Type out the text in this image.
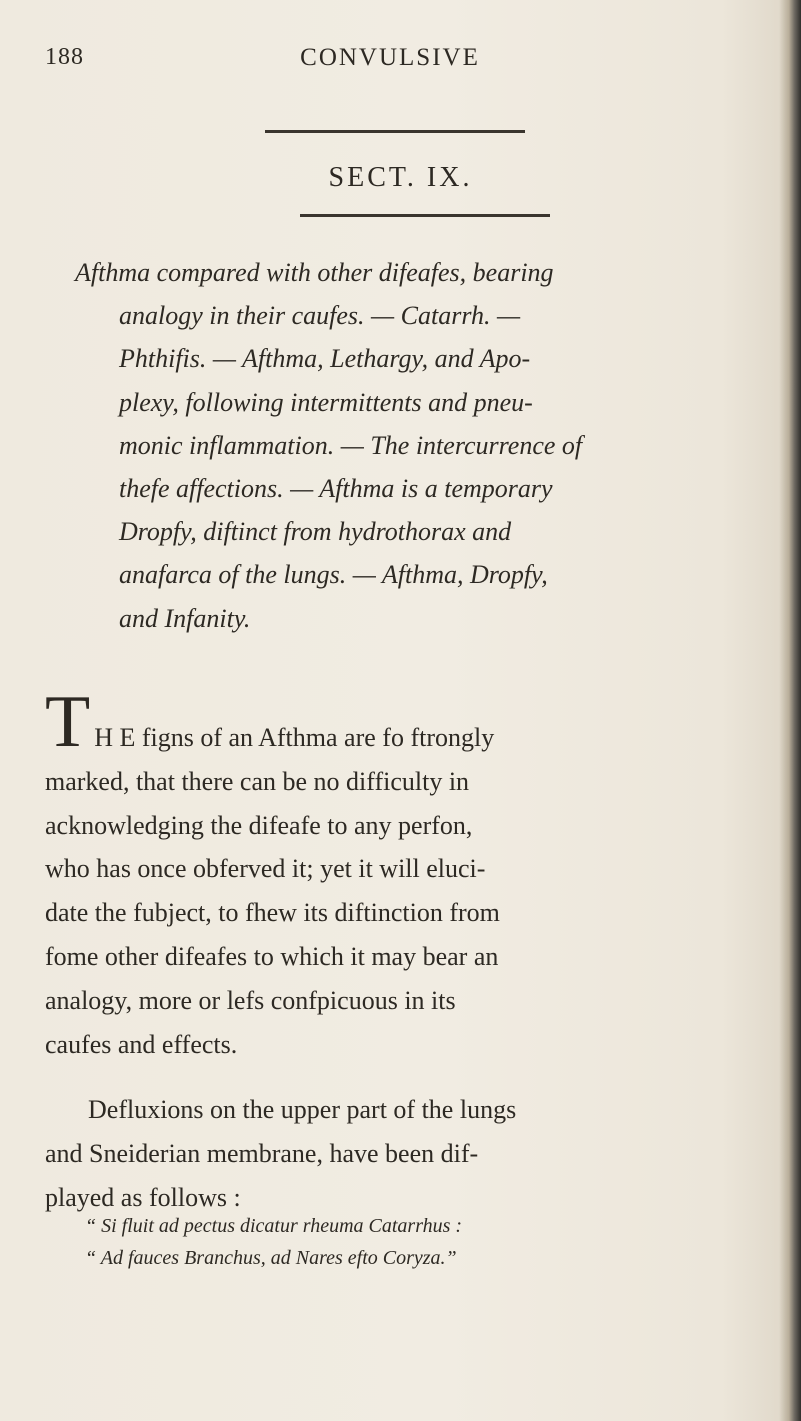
188	CONVULSIVE
SECT. IX.
Afthma compared with other difeafes, bearing
analogy in their caufes. — Catarrh. —
Phthifis. — Afthma, Lethargy, and Apo-
plexy, following intermittents and pneu-
monic inflammation. — The intercurrence of
thefe affections. — Afthma is a temporary
Dropfy, diftinct from hydrothorax and
anafarca of the lungs. — Afthma, Dropfy,
and Infanity.
T H E figns of an Afthma are fo ftrongly
marked, that there can be no difficulty in
acknowledging the difeafe to any perfon,
who has once obferved it; yet it will eluci-
date the fubject, to fhew its diftinction from
fome other difeafes to which it may bear an
analogy, more or lefs confpicuous in its
caufes and effects.
Defluxions on the upper part of the lungs
and Sneiderian membrane, have been dif-
played as follows :
“ Si fluit ad pectus dicatur rheuma Catarrhus :
“ Ad fauces Branchus, ad Nares efto Coryza.”
